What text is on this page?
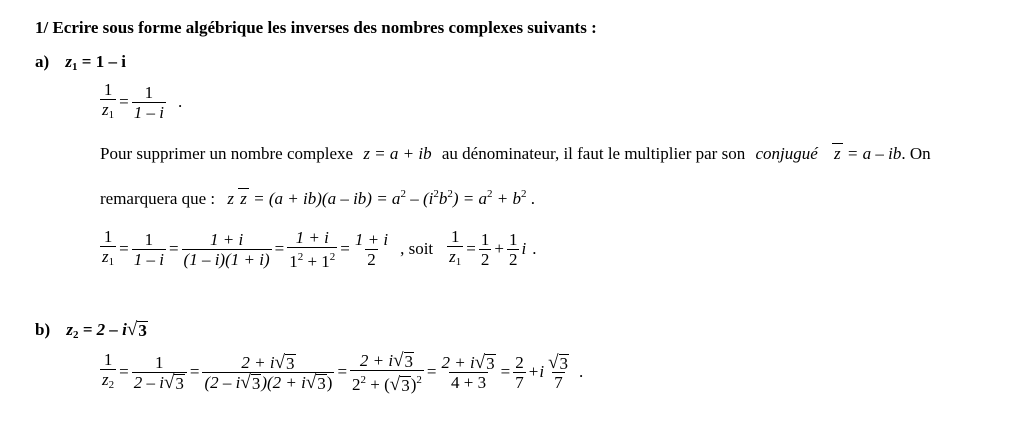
1/ Ecrire sous forme algébrique les inverses des nombres complexes suivants :
a) $z_1 = 1 - i$
$\frac{1}{z_1} = \frac{1}{1 - i}$ .
Pour supprimer un nombre complexe z = a + ib au dénominateur, il faut le multiplier par son conjugué z = a – ib. On
remarquera que : z $z = (a + ib)(a - ib) = a^2 - (i^2b^2) = a^2 + b^2$ .
$\frac{1}{z_1} = \frac{1}{1 - i} = \frac{1 + i}{(1 - i)(1 + i)} = \frac{1 + i}{1^2 + 1^2} = \frac{1 + i}{2}$ , soit $\frac{1}{z_1} = \frac{1}{2} + \frac{1}{2}$ i .
b) $z_2 = 2 - i$ √ 3
$\frac{1}{z_2} = \frac{1}{2 - i √ 3} = \frac{2 + i √ 3}{(2 - i √ 3 )(2 + i √ 3 )} = \frac{2 + i √ 3}{2^2 + ( √ 3 )^2} = \frac{2 + i √ 3}{4 + 3} = \frac{2}{7} + i \frac{√ 3}{7}$ .
